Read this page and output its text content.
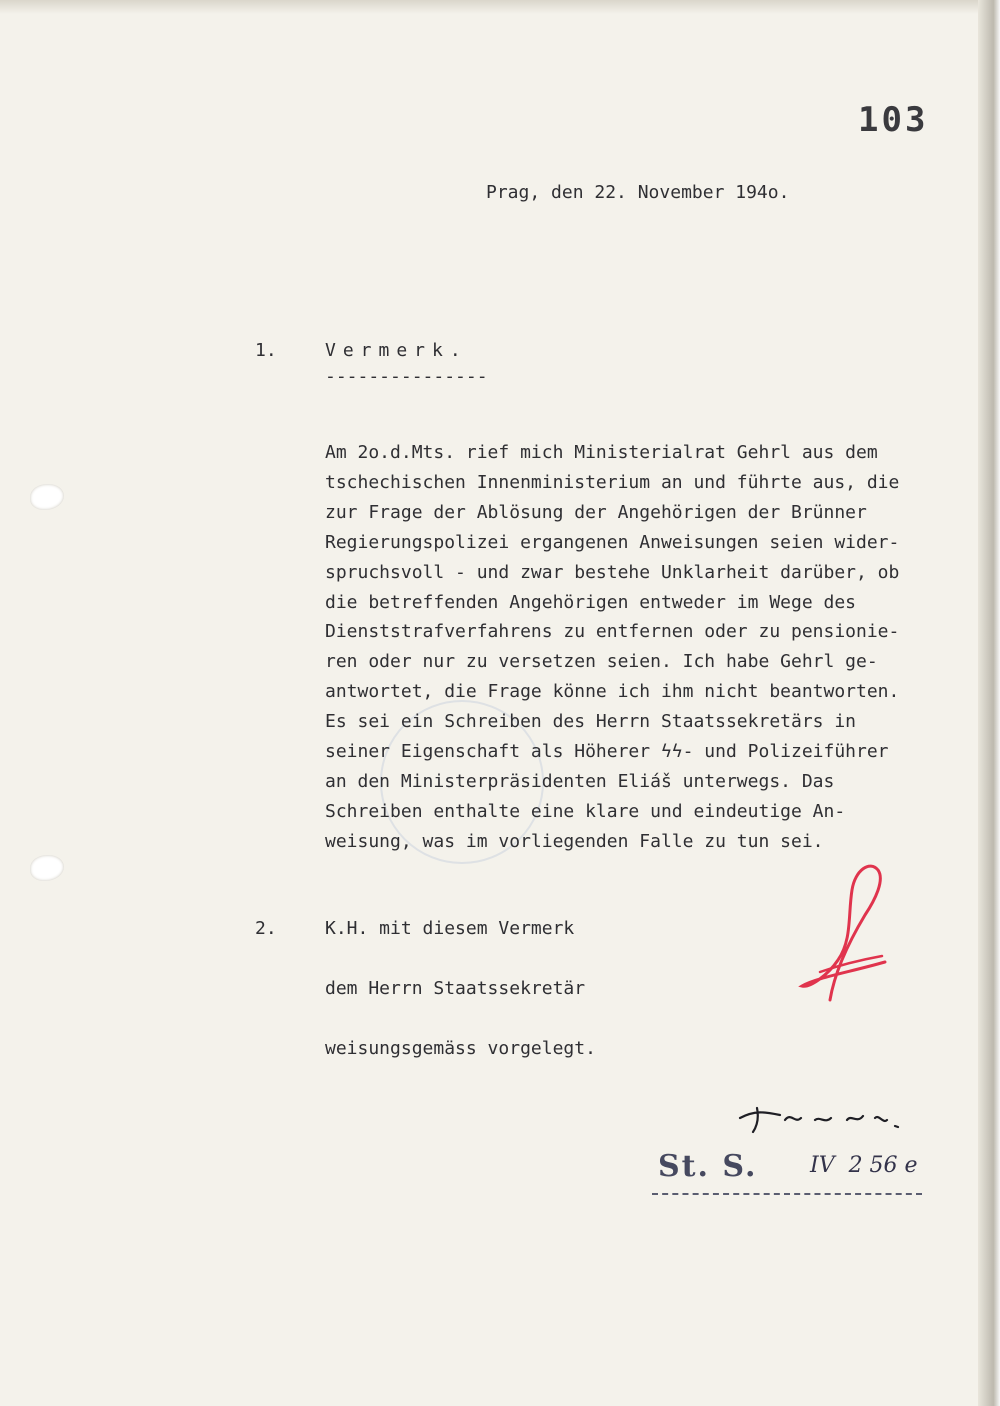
103
Prag, den 22. November 194o.
1.	Vermerk.
---------------
Am 2o.d.Mts. rief mich Ministerialrat Gehrl aus dem
tschechischen Innenministerium an und führte aus, die
zur Frage der Ablösung der Angehörigen der Brünner
Regierungspolizei ergangenen Anweisungen seien wider-
spruchsvoll - und zwar bestehe Unklarheit darüber, ob
die betreffenden Angehörigen entweder im Wege des
Dienststrafverfahrens zu entfernen oder zu pensionie-
ren oder nur zu versetzen seien. Ich habe Gehrl ge-
antwortet, die Frage könne ich ihm nicht beantworten.
Es sei ein Schreiben des Herrn Staatssekretärs in
seiner Eigenschaft als Höherer ϟϟ- und Polizeiführer
an den Ministerpräsidenten Eliáš unterwegs. Das
Schreiben enthalte eine klare und eindeutige An-
weisung, was im vorliegenden Falle zu tun sei.
2.	K.H. mit diesem Vermerk
dem Herrn Staatssekretär
weisungsgemäss vorgelegt.
St. S. IV  2 56 e
